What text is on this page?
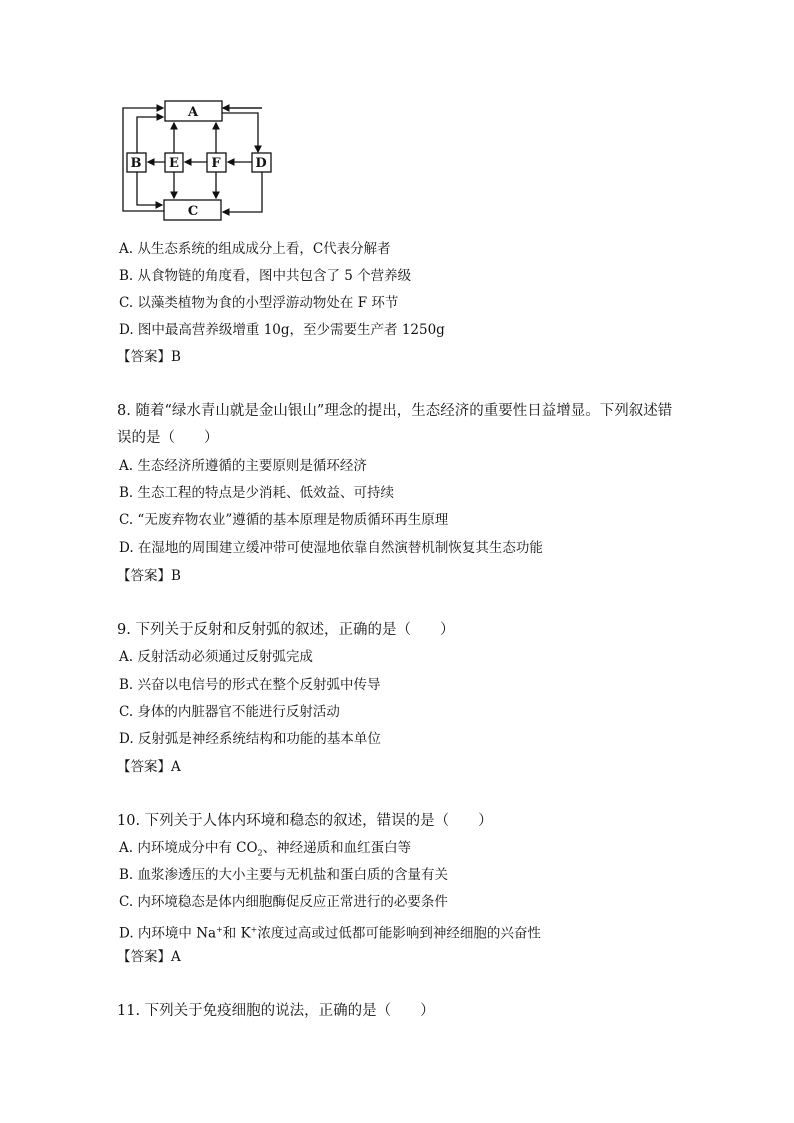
A
B
C
D
E F
A. 从生态系统的组成成分上看，C代表分解者
B. 从食物链的角度看，图中共包含了 5 个营养级
C. 以藻类植物为食的小型浮游动物处在 F 环节
D. 图中最高营养级增重 10g，至少需要生产者 1250g
【答案】B
8. 随着“绿水青山就是金山银山”理念的提出，生态经济的重要性日益增显。下列叙述错
误的是（　　）
A. 生态经济所遵循的主要原则是循环经济
B. 生态工程的特点是少消耗、低效益、可持续
C. “无废弃物农业”遵循的基本原理是物质循环再生原理
D. 在湿地的周围建立缓冲带可使湿地依靠自然演替机制恢复其生态功能
【答案】B
9. 下列关于反射和反射弧的叙述，正确的是（　　）
A. 反射活动必须通过反射弧完成
B. 兴奋以电信号的形式在整个反射弧中传导
C. 身体的内脏器官不能进行反射活动
D. 反射弧是神经系统结构和功能的基本单位
【答案】A
10. 下列关于人体内环境和稳态的叙述，错误的是（　　）
A. 内环境成分中有 $CO_2$、神经递质和血红蛋白等
B. 血浆渗透压的大小主要与无机盐和蛋白质的含量有关
C. 内环境稳态是体内细胞酶促反应正常进行的必要条件
D. 内环境中 Na+和 K+浓度过高或过低都可能影响到神经细胞的兴奋性
【答案】A
11. 下列关于免疫细胞的说法，正确的是（　　）
